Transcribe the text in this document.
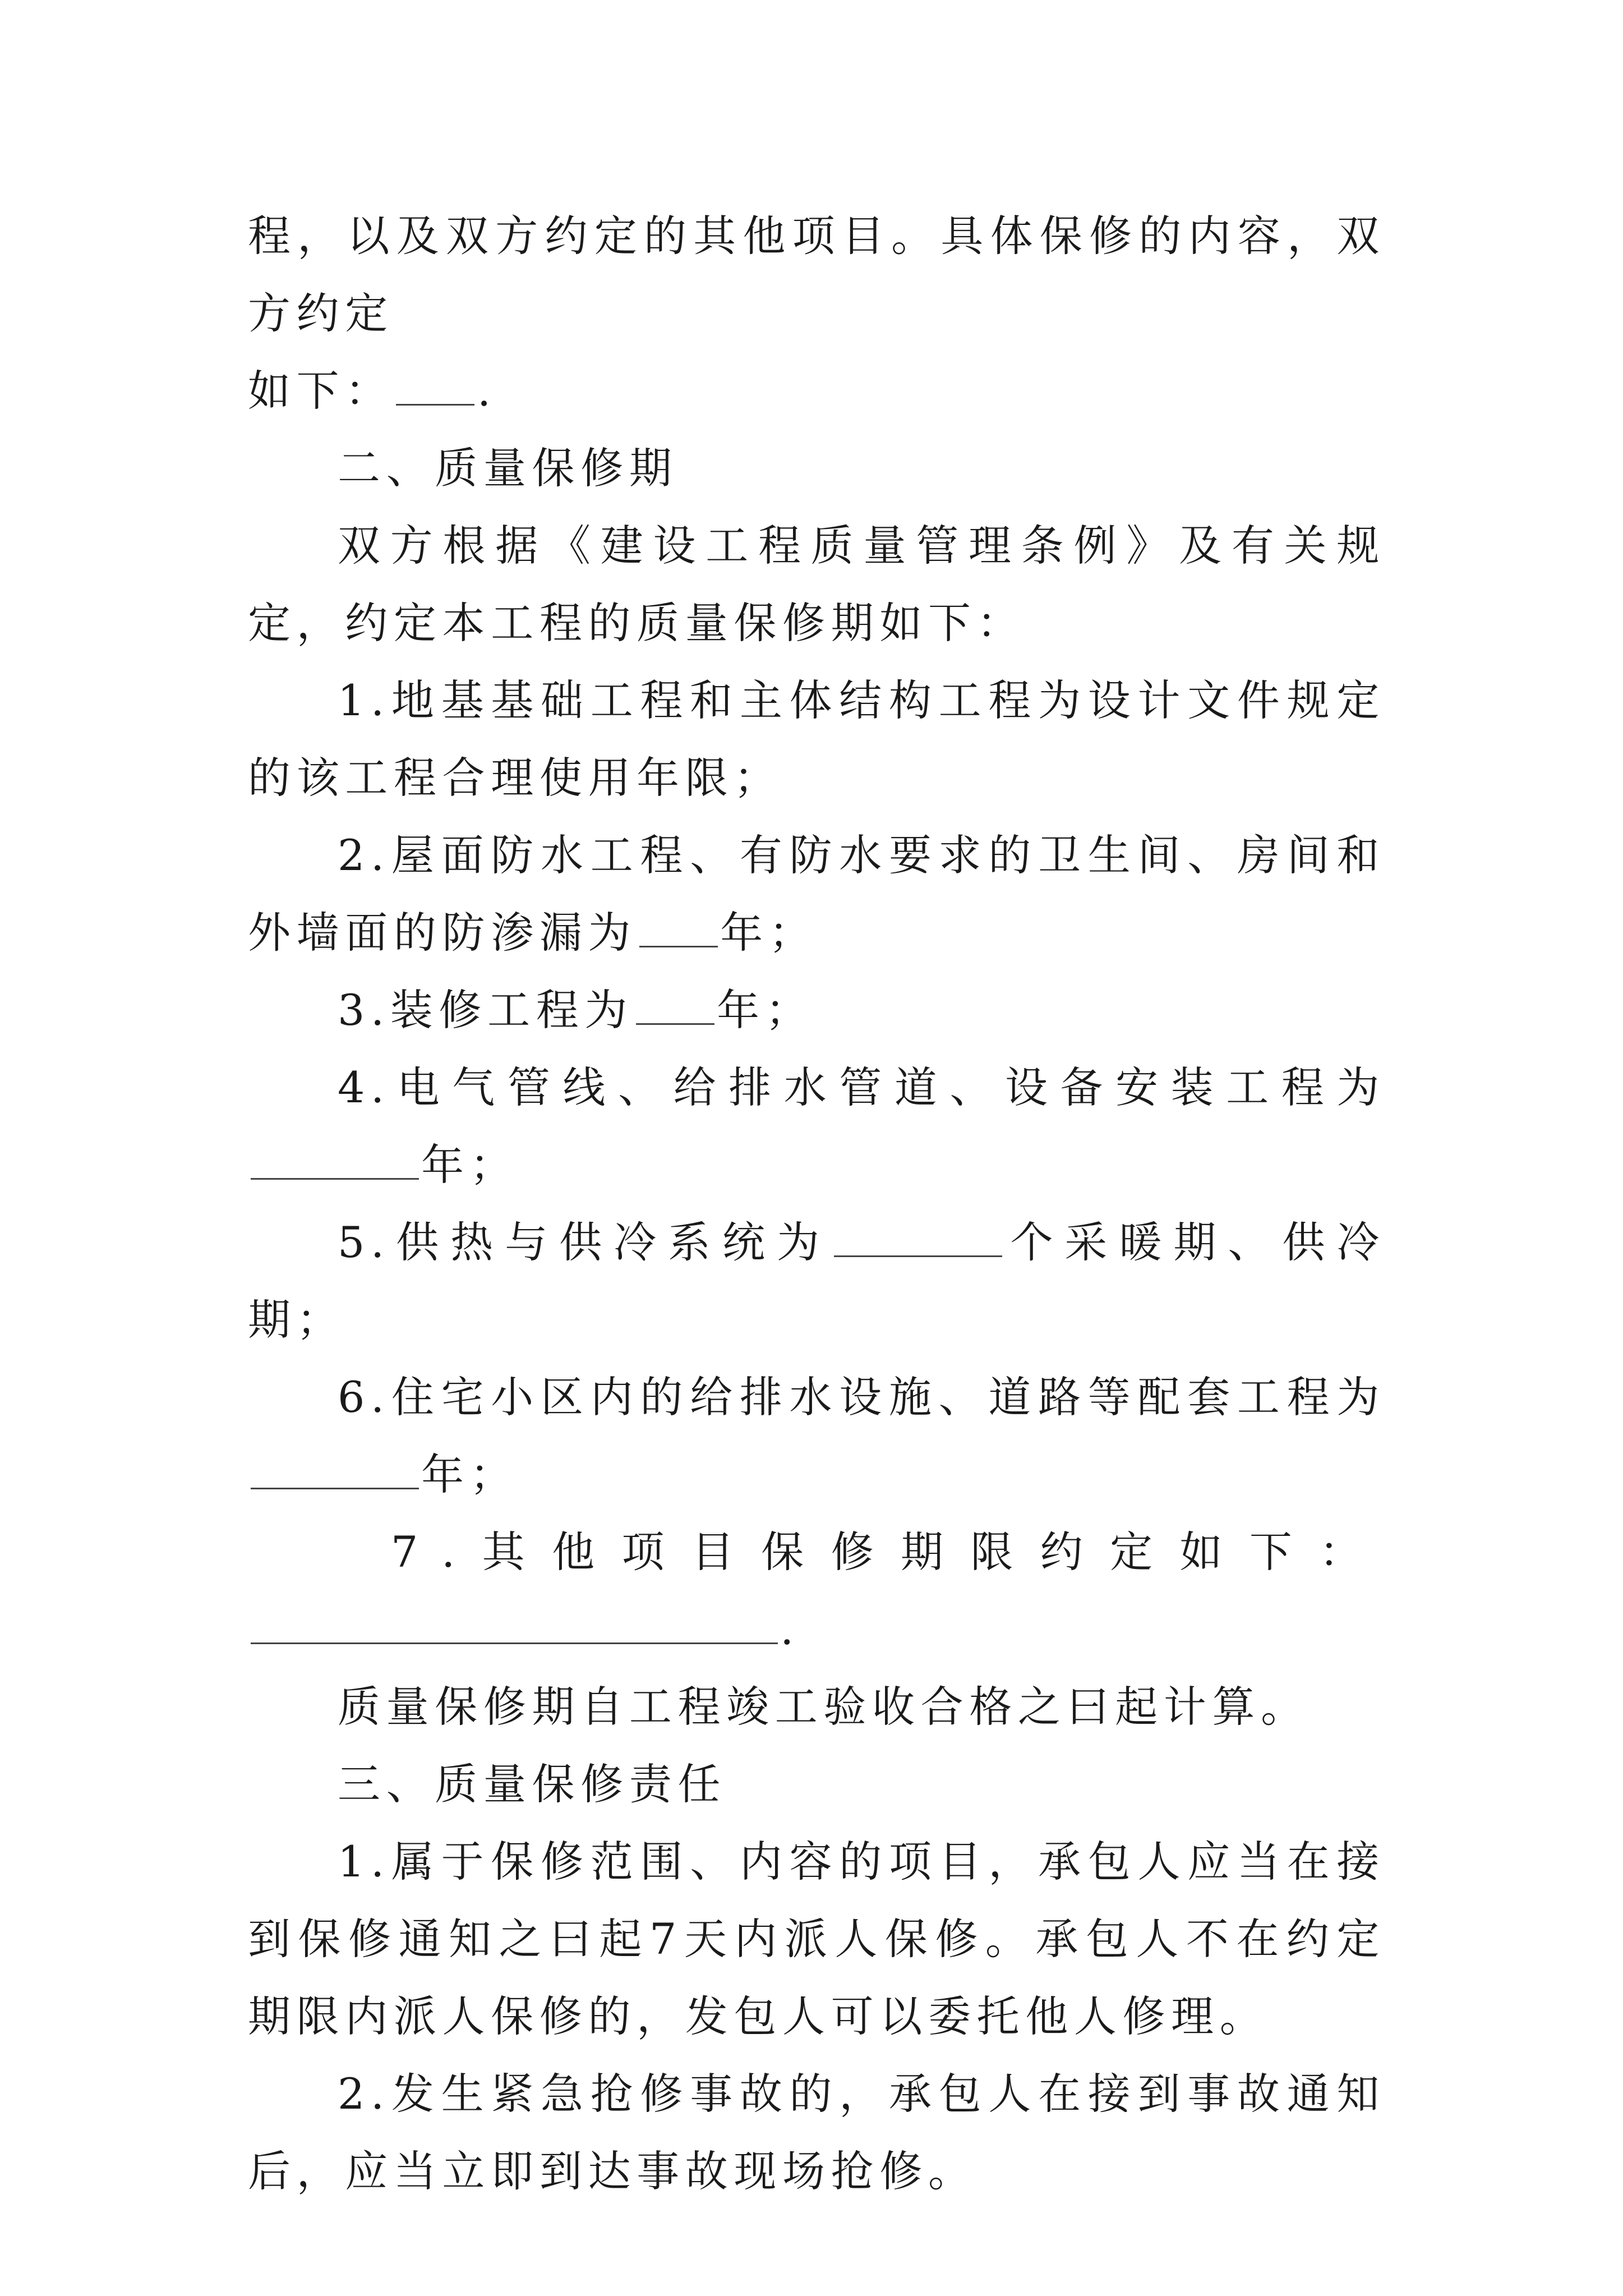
程，以及双方约定的其他项目。具体保修的内容，双方约定
如下： .

二、质量保修期

双方根据《建设工程质量管理条例》及有关规定，约定本工程的质量保修期如下：

1.地基基础工程和主体结构工程为设计文件规定的该工程合理使用年限；

2.屋面防水工程、有防水要求的卫生间、房间和外墙面的防渗漏为 年；

3.装修工程为 年；

4.电气管线、给排水管道、设备安装工程为年；

5.供热与供冷系统为	个采暖期、供冷期；

6.住宅小区内的给排水设施、道路等配套工程为年；

7.其他项目保修期限约定如下：

.

质量保修期自工程竣工验收合格之曰起计算。

三、质量保修责任

1.属于保修范围、内容的项目，承包人应当在接到保修通知之曰起7天内派人保修。承包人不在约定期限内派人保修的，发包人可以委托他人修理。

2.发生紧急抢修事故的，承包人在接到事故通知后，应当立即到达事故现场抢修。
